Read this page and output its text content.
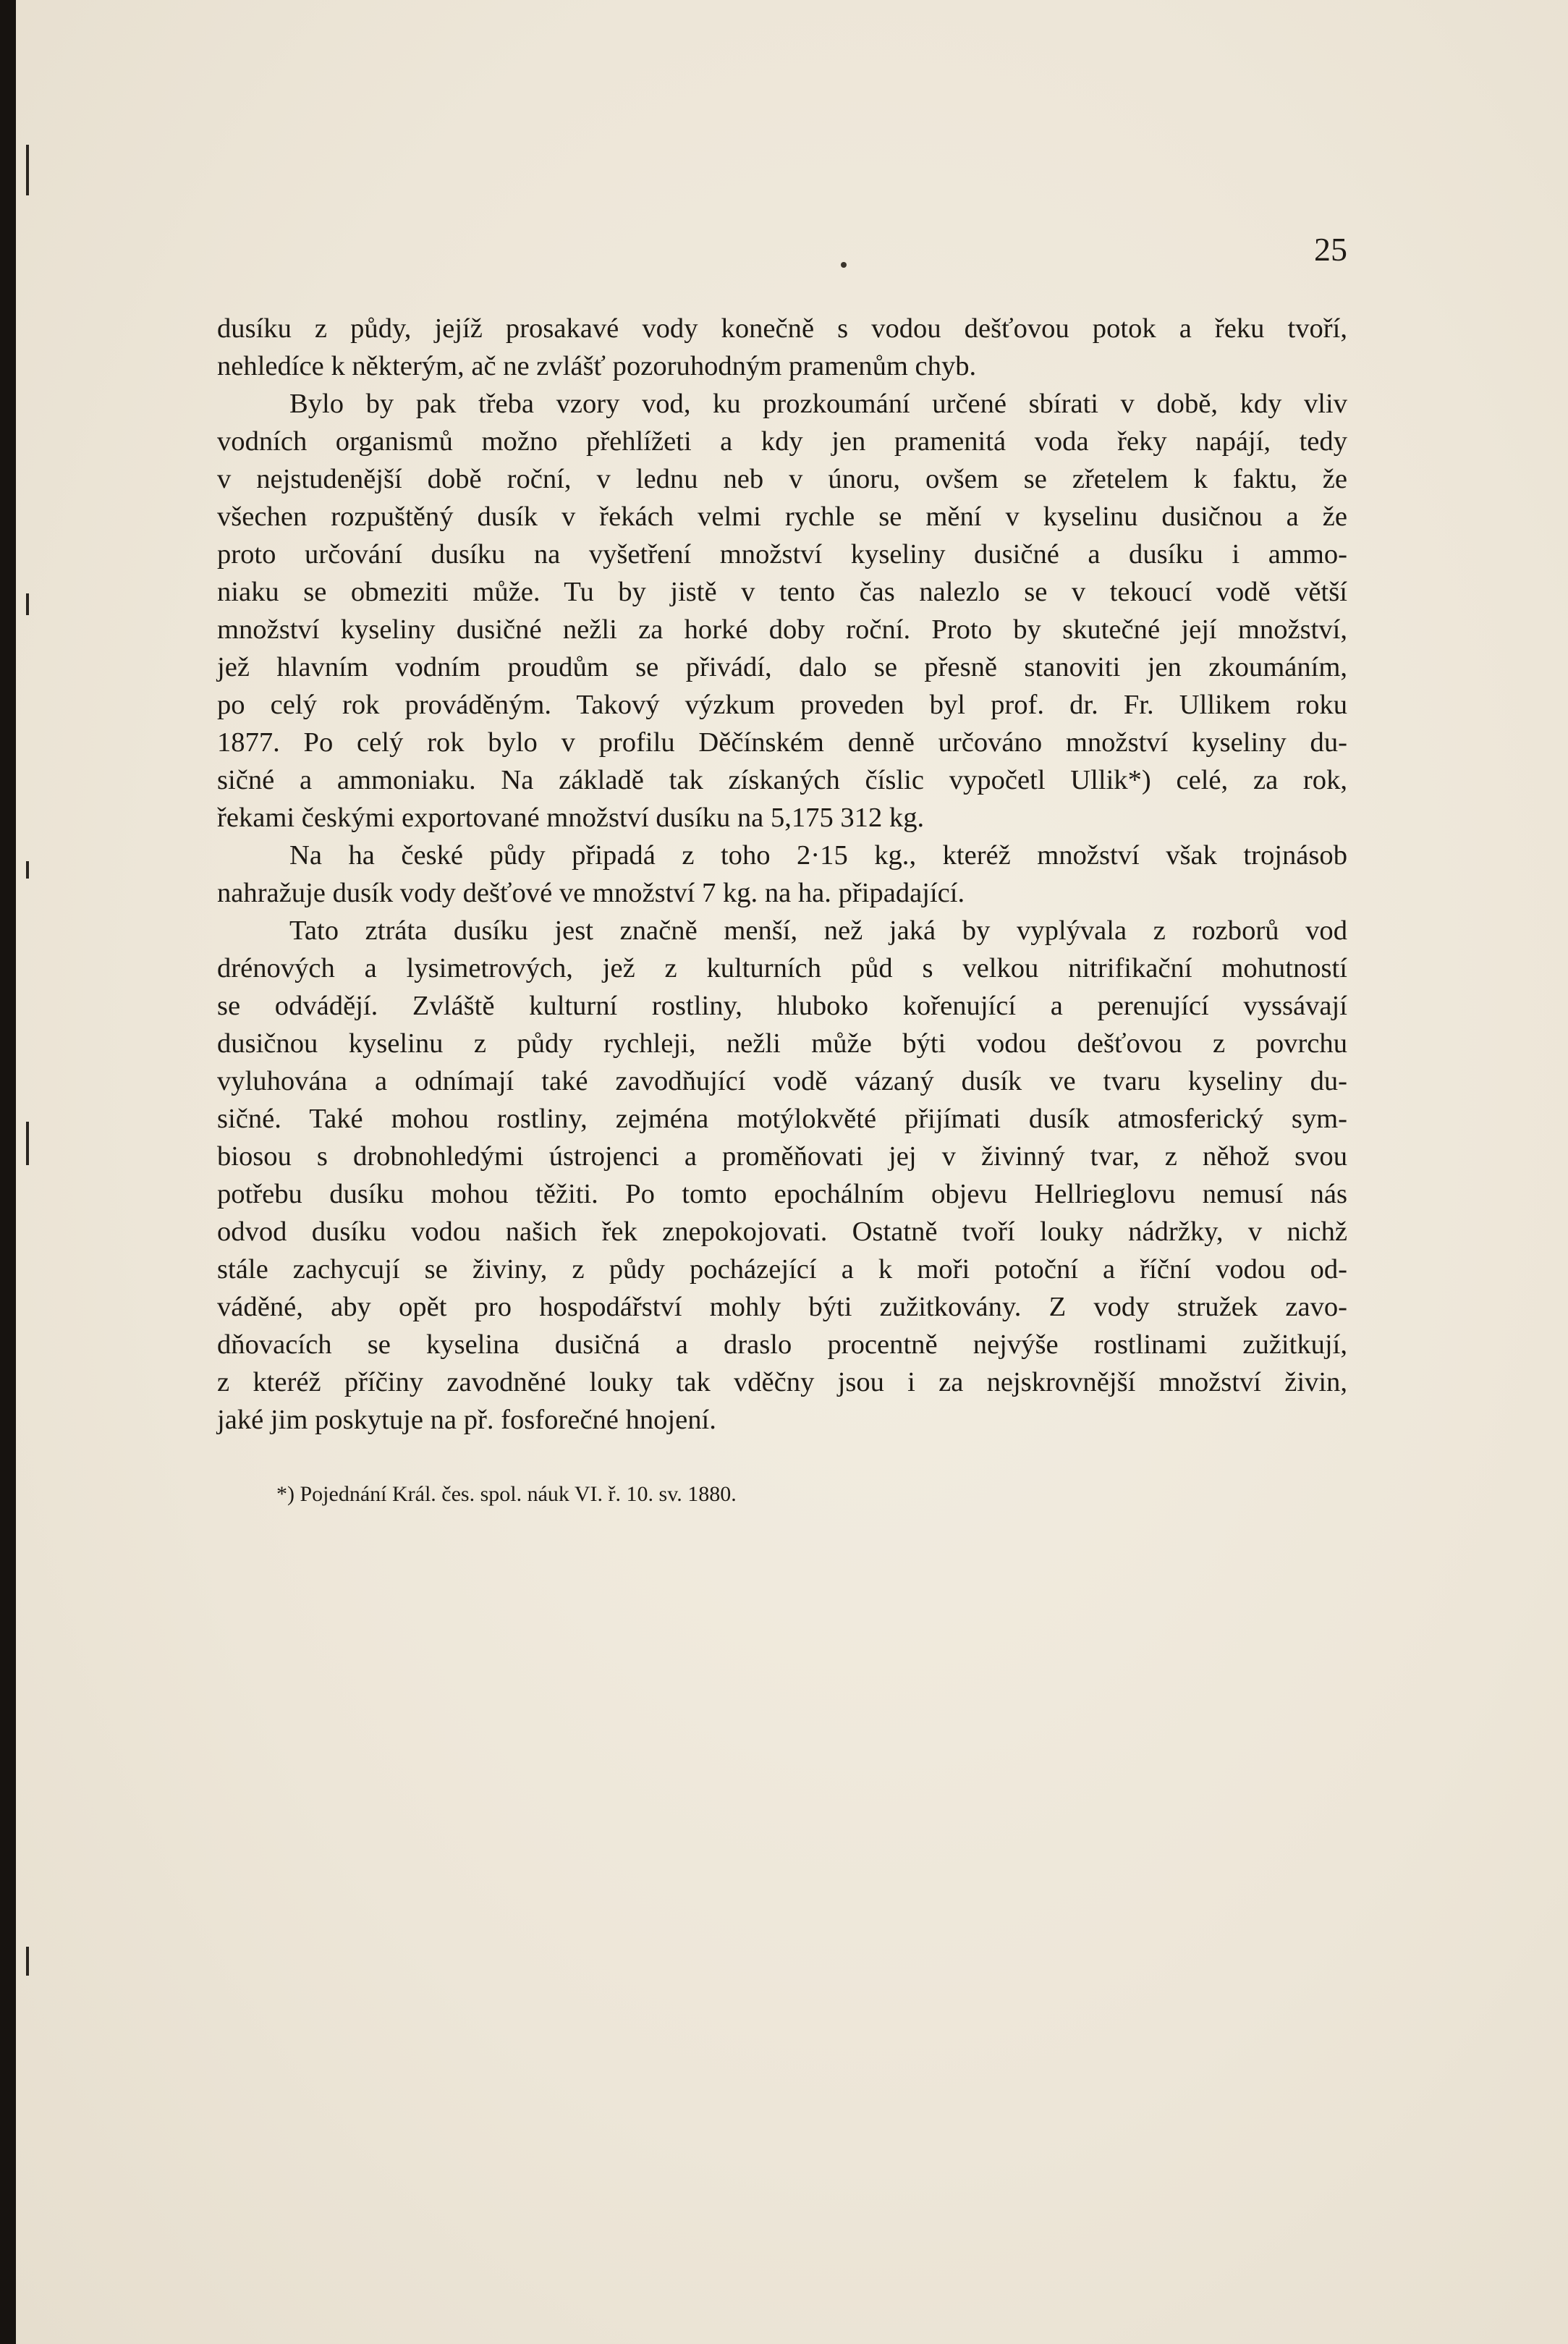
25
dusíku z půdy, jejíž prosakavé vody konečně s vodou dešťovou potok a řeku tvoří,
nehledíce k některým, ač ne zvlášť pozoruhodným pramenům chyb.
Bylo by pak třeba vzory vod, ku prozkoumání určené sbírati v době, kdy vliv
vodních organismů možno přehlížeti a kdy jen pramenitá voda řeky napájí, tedy
v nejstudenější době roční, v lednu neb v únoru, ovšem se zřetelem k faktu, že
všechen rozpuštěný dusík v řekách velmi rychle se mění v kyselinu dusičnou a že
proto určování dusíku na vyšetření množství kyseliny dusičné a dusíku i ammo-
niaku se obmeziti může. Tu by jistě v tento čas nalezlo se v tekoucí vodě větší
množství kyseliny dusičné nežli za horké doby roční. Proto by skutečné její množství,
jež hlavním vodním proudům se přivádí, dalo se přesně stanoviti jen zkoumáním,
po celý rok prováděným. Takový výzkum proveden byl prof. dr. Fr. Ullikem roku
1877. Po celý rok bylo v profilu Děčínském denně určováno množství kyseliny du-
sičné a ammoniaku. Na základě tak získaných číslic vypočetl Ullik*) celé, za rok,
řekami českými exportované množství dusíku na 5,175 312 kg.
Na ha české půdy připadá z toho 2·15 kg., kteréž množství však trojnásob
nahražuje dusík vody dešťové ve množství 7 kg. na ha. připadající.
Tato ztráta dusíku jest značně menší, než jaká by vyplývala z rozborů vod
drénových a lysimetrových, jež z kulturních půd s velkou nitrifikační mohutností
se odvádějí. Zvláště kulturní rostliny, hluboko kořenující a perenující vyssávají
dusičnou kyselinu z půdy rychleji, nežli může býti vodou dešťovou z povrchu
vyluhována a odnímají také zavodňující vodě vázaný dusík ve tvaru kyseliny du-
sičné. Také mohou rostliny, zejména motýlokvěté přijímati dusík atmosferický sym-
biosou s drobnohledými ústrojenci a proměňovati jej v živinný tvar, z něhož svou
potřebu dusíku mohou těžiti. Po tomto epochálním objevu Hellrieglovu nemusí nás
odvod dusíku vodou našich řek znepokojovati. Ostatně tvoří louky nádržky, v nichž
stále zachycují se živiny, z půdy pocházející a k moři potoční a říční vodou od-
váděné, aby opět pro hospodářství mohly býti zužitkovány. Z vody stružek zavo-
dňovacích se kyselina dusičná a draslo procentně nejvýše rostlinami zužitkují,
z kteréž příčiny zavodněné louky tak vděčny jsou i za nejskrovnější množství živin,
jaké jim poskytuje na př. fosforečné hnojení.
*) Pojednání Král. čes. spol. náuk VI. ř. 10. sv. 1880.
